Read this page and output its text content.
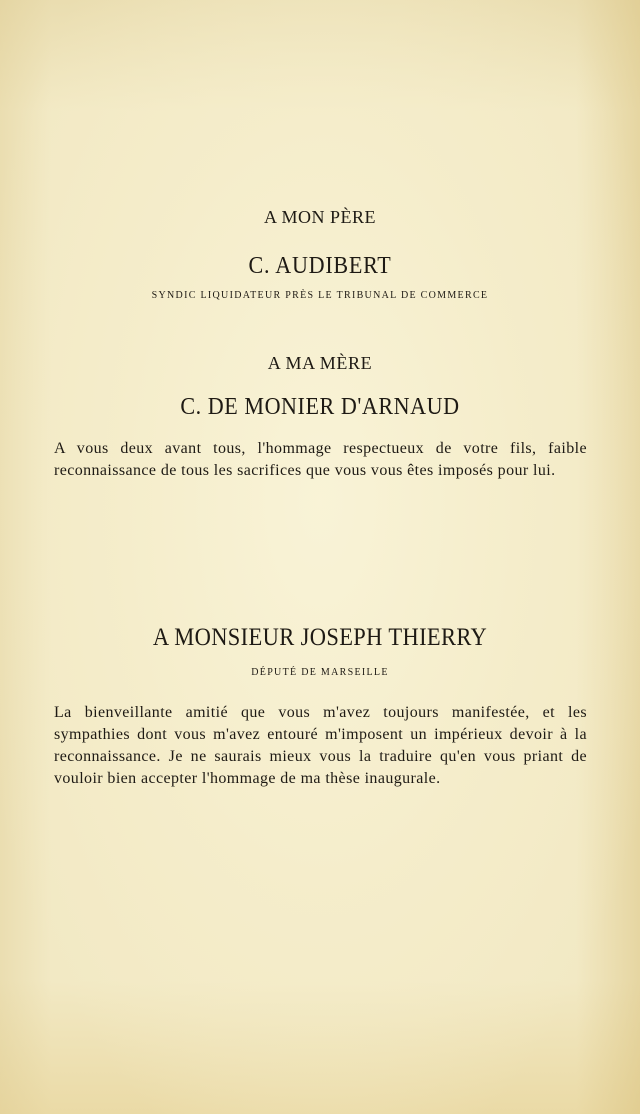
A MON PÈRE
C. AUDIBERT
SYNDIC LIQUIDATEUR PRÈS LE TRIBUNAL DE COMMERCE
A MA MÈRE
C. DE MONIER D'ARNAUD
A vous deux avant tous, l'hommage respectueux de votre fils, faible reconnaissance de tous les sacrifices que vous vous êtes imposés pour lui.
A MONSIEUR JOSEPH THIERRY
DÉPUTÉ DE MARSEILLE
La bienveillante amitié que vous m'avez toujours manifestée, et les sympathies dont vous m'avez entouré m'imposent un impérieux devoir à la reconnaissance. Je ne saurais mieux vous la traduire qu'en vous priant de vouloir bien accepter l'hommage de ma thèse inaugurale.
